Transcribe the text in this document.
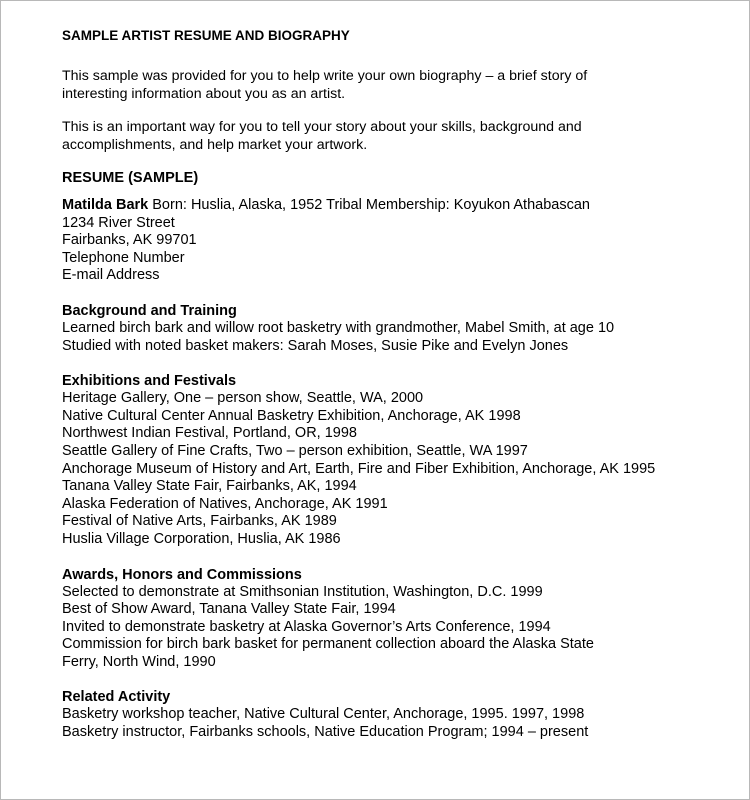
SAMPLE ARTIST RESUME AND BIOGRAPHY

This sample was provided for you to help write your own biography – a brief story of interesting information about you as an artist.

This is an important way for you to tell your story about your skills, background and accomplishments, and help market your artwork.

RESUME (SAMPLE)

Matilda Bark Born: Huslia, Alaska, 1952 Tribal Membership: Koyukon Athabascan

1234 River Street

Fairbanks, AK 99701

Telephone Number

E-mail Address

Background and Training

Learned birch bark and willow root basketry with grandmother, Mabel Smith, at age 10

Studied with noted basket makers: Sarah Moses, Susie Pike and Evelyn Jones

Exhibitions and Festivals

Heritage Gallery, One – person show, Seattle, WA, 2000

Native Cultural Center Annual Basketry Exhibition, Anchorage, AK 1998

Northwest Indian Festival, Portland, OR, 1998

Seattle Gallery of Fine Crafts, Two – person exhibition, Seattle, WA 1997

Anchorage Museum of History and Art, Earth, Fire and Fiber Exhibition, Anchorage, AK 1995

Tanana Valley State Fair, Fairbanks, AK, 1994

Alaska Federation of Natives, Anchorage, AK 1991

Festival of Native Arts, Fairbanks, AK 1989

Huslia Village Corporation, Huslia, AK 1986

Awards, Honors and Commissions

Selected to demonstrate at Smithsonian Institution, Washington, D.C. 1999

Best of Show Award, Tanana Valley State Fair, 1994

Invited to demonstrate basketry at Alaska Governor’s Arts Conference, 1994

Commission for birch bark basket for permanent collection aboard the Alaska State Ferry, North Wind, 1990

Related Activity

Basketry workshop teacher, Native Cultural Center, Anchorage, 1995. 1997, 1998

Basketry instructor, Fairbanks schools, Native Education Program; 1994 – present
